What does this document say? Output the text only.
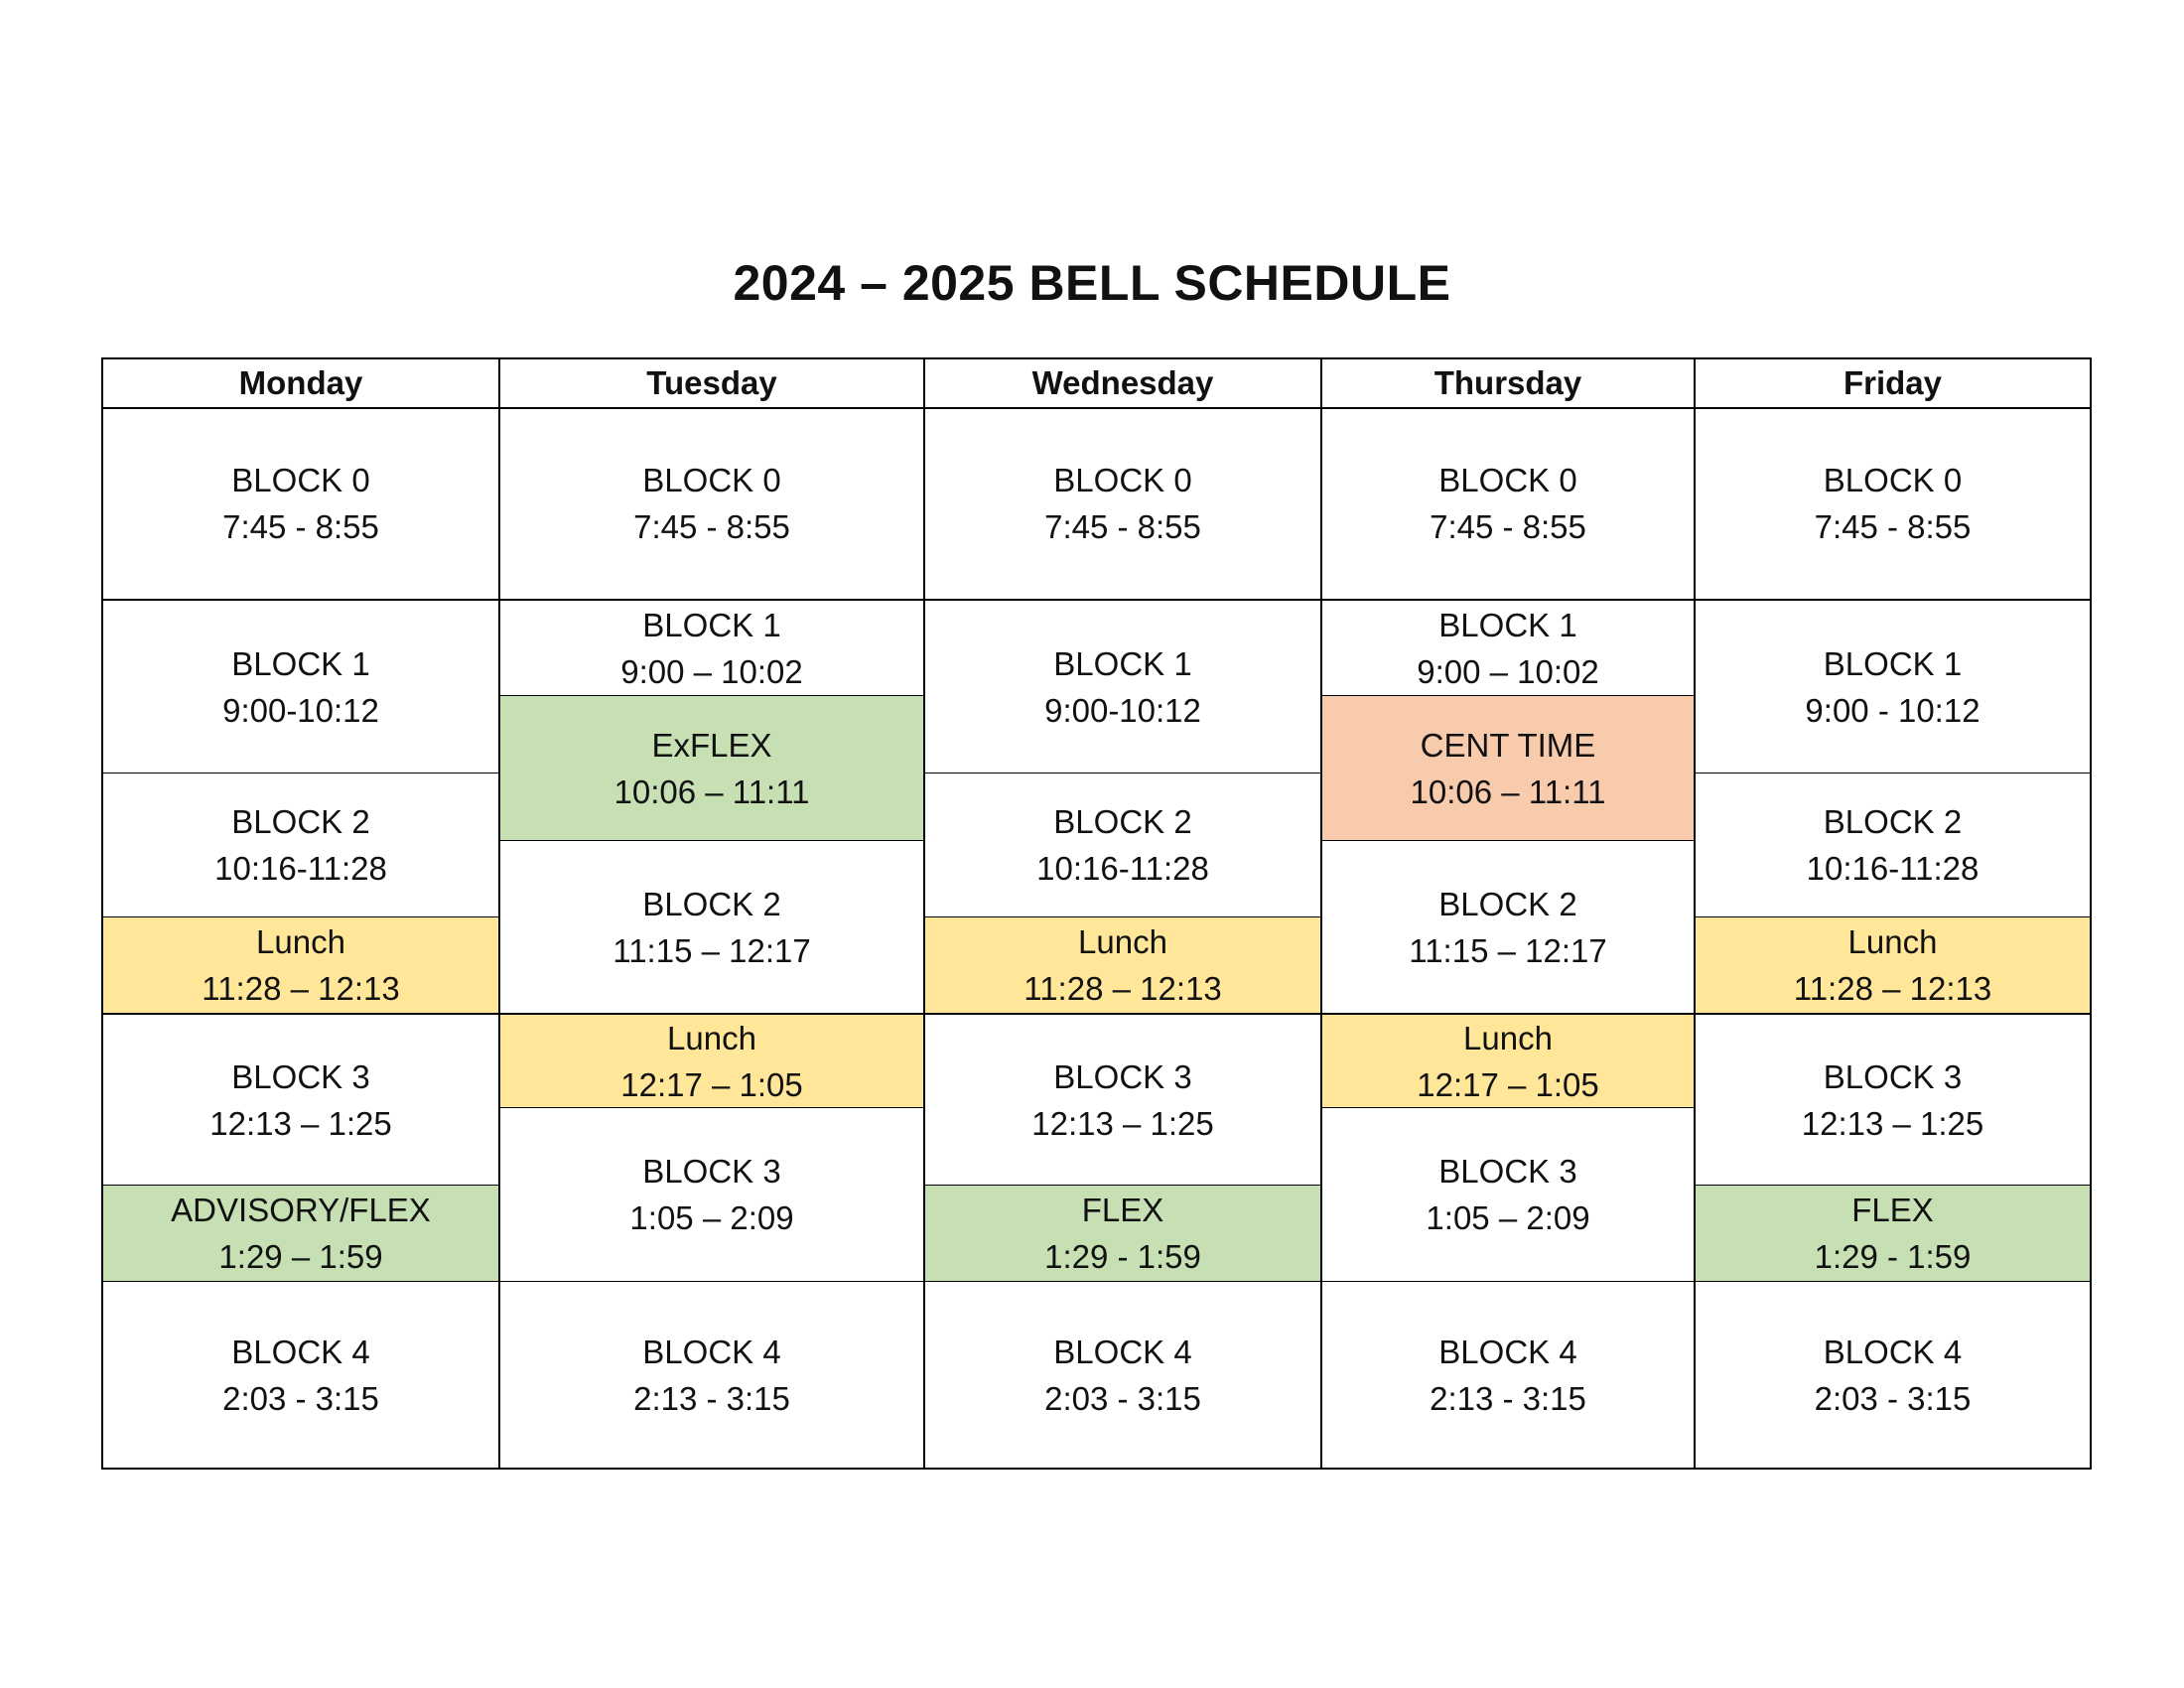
2024 – 2025 BELL SCHEDULE
Monday
BLOCK 0
7:45 - 8:55
BLOCK 1
9:00-10:12
BLOCK 2
10:16-11:28
Lunch
11:28 – 12:13
BLOCK 3
12:13 – 1:25
ADVISORY/FLEX
1:29 – 1:59
BLOCK 4
2:03 - 3:15
Tuesday
BLOCK 0
7:45 - 8:55
BLOCK 1
9:00 – 10:02
ExFLEX
10:06 – 11:11
BLOCK 2
11:15 – 12:17
Lunch
12:17 – 1:05
BLOCK 3
1:05 – 2:09
BLOCK 4
2:13 - 3:15
Wednesday
BLOCK 0
7:45 - 8:55
BLOCK 1
9:00-10:12
BLOCK 2
10:16-11:28
Lunch
11:28 – 12:13
BLOCK 3
12:13 – 1:25
FLEX
1:29 - 1:59
BLOCK 4
2:03 - 3:15
Thursday
BLOCK 0
7:45 - 8:55
BLOCK 1
9:00 – 10:02
CENT TIME
10:06 – 11:11
BLOCK 2
11:15 – 12:17
Lunch
12:17 – 1:05
BLOCK 3
1:05 – 2:09
BLOCK 4
2:13 - 3:15
Friday
BLOCK 0
7:45 - 8:55
BLOCK 1
9:00 - 10:12
BLOCK 2
10:16-11:28
Lunch
11:28 – 12:13
BLOCK 3
12:13 – 1:25
FLEX
1:29 - 1:59
BLOCK 4
2:03 - 3:15
